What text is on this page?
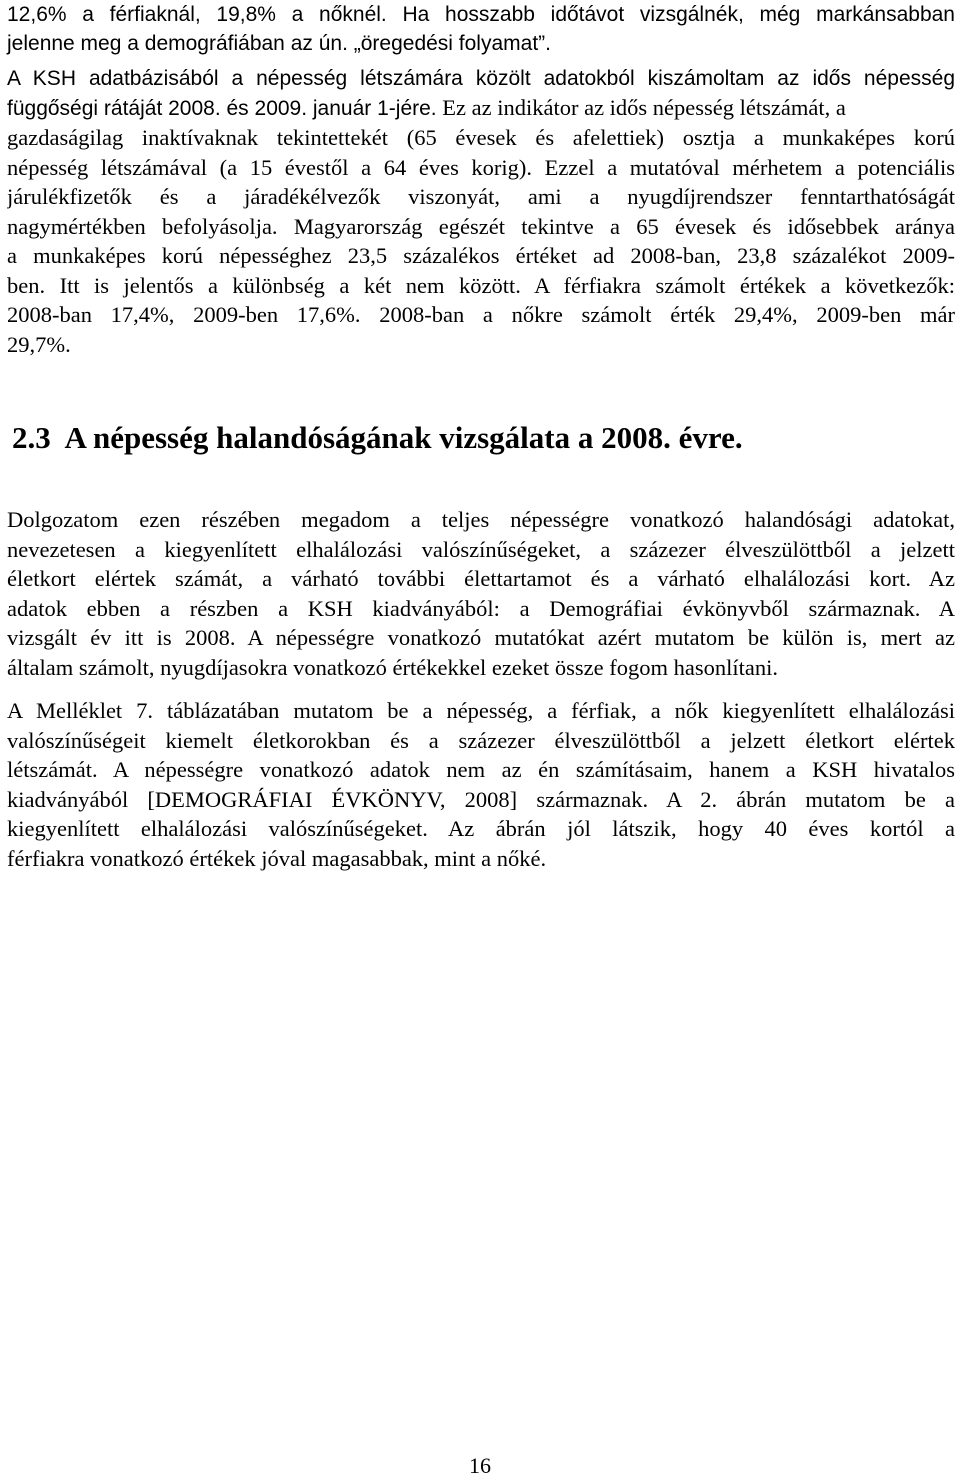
12,6% a férfiaknál, 19,8% a nőknél. Ha hosszabb időtávot vizsgálnék, még markánsabban
jelenne meg a demográfiában az ún. „öregedési folyamat”.
A KSH adatbázisából a népesség létszámára közölt adatokból kiszámoltam az idős népesség
függőségi rátáját 2008. és 2009. január 1-jére. Ez az indikátor az idős népesség létszámát, a
gazdaságilag inaktívaknak tekintettekét (65 évesek és afelettiek) osztja a munkaképes korú
népesség létszámával (a 15 évestől a 64 éves korig). Ezzel a mutatóval mérhetem a potenciális
járulékfizetők és a járadékélvezők viszonyát, ami a nyugdíjrendszer fenntarthatóságát
nagymértékben befolyásolja. Magyarország egészét tekintve a 65 évesek és idősebbek aránya
a munkaképes korú népességhez 23,5 százalékos értéket ad 2008-ban, 23,8 százalékot 2009-
ben. Itt is jelentős a különbség a két nem között. A férfiakra számolt értékek a következők:
2008-ban 17,4%, 2009-ben 17,6%. 2008-ban a nőkre számolt érték 29,4%, 2009-ben már
29,7%.
2.3 A népesség halandóságának vizsgálata a 2008. évre.
Dolgozatom ezen részében megadom a teljes népességre vonatkozó halandósági adatokat,
nevezetesen a kiegyenlített elhalálozási valószínűségeket, a százezer élveszülöttből a jelzett
életkort elértek számát, a várható további élettartamot és a várható elhalálozási kort. Az
adatok ebben a részben a KSH kiadványából: a Demográfiai évkönyvből származnak. A
vizsgált év itt is 2008. A népességre vonatkozó mutatókat azért mutatom be külön is, mert az
általam számolt, nyugdíjasokra vonatkozó értékekkel ezeket össze fogom hasonlítani.
A Melléklet 7. táblázatában mutatom be a népesség, a férfiak, a nők kiegyenlített elhalálozási
valószínűségeit kiemelt életkorokban és a százezer élveszülöttből a jelzett életkort elértek
létszámát. A népességre vonatkozó adatok nem az én számításaim, hanem a KSH hivatalos
kiadványából [DEMOGRÁFIAI ÉVKÖNYV, 2008] származnak. A 2. ábrán mutatom be a
kiegyenlített elhalálozási valószínűségeket. Az ábrán jól látszik, hogy 40 éves kortól a
férfiakra vonatkozó értékek jóval magasabbak, mint a nőké.
16
